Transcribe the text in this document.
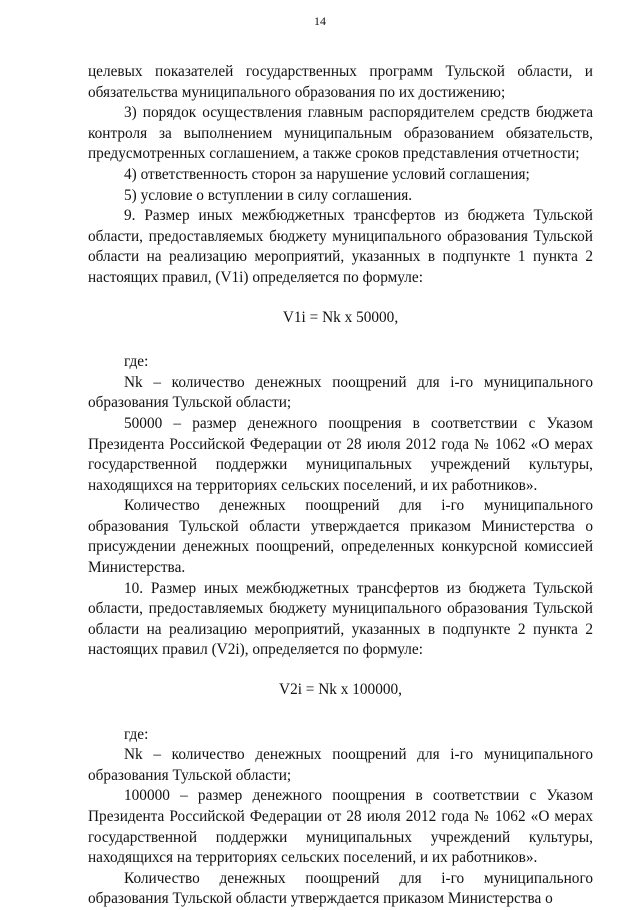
14

целевых показателей государственных программ Тульской области, и обязательства муниципального образования по их достижению;

3) порядок осуществления главным распорядителем средств бюджета контроля за выполнением муниципальным образованием обязательств, предусмотренных соглашением, а также сроков представления отчетности;

4) ответственность сторон за нарушение условий соглашения;

5) условие о вступлении в силу соглашения.

9. Размер иных межбюджетных трансфертов из бюджета Тульской области, предоставляемых бюджету муниципального образования Тульской области на реализацию мероприятий, указанных в подпункте 1 пункта 2 настоящих правил, (V1i) определяется по формуле:

V1i = Nk x 50000,

где:

Nk – количество денежных поощрений для i-го муниципального образования Тульской области;

50000 – размер денежного поощрения в соответствии с Указом Президента Российской Федерации от 28 июля 2012 года № 1062 «О мерах государственной поддержки муниципальных учреждений культуры, находящихся на территориях сельских поселений, и их работников».

Количество денежных поощрений для i-го муниципального образования Тульской области утверждается приказом Министерства о присуждении денежных поощрений, определенных конкурсной комиссией Министерства.

10. Размер иных межбюджетных трансфертов из бюджета Тульской области, предоставляемых бюджету муниципального образования Тульской области на реализацию мероприятий, указанных в подпункте 2 пункта 2 настоящих правил (V2i), определяется по формуле:

V2i = Nk x 100000,

где:

Nk – количество денежных поощрений для i-го муниципального образования Тульской области;

100000 – размер денежного поощрения в соответствии с Указом Президента Российской Федерации от 28 июля 2012 года № 1062 «О мерах государственной поддержки муниципальных учреждений культуры, находящихся на территориях сельских поселений, и их работников».

Количество денежных поощрений для i-го муниципального образования Тульской области утверждается приказом Министерства о
